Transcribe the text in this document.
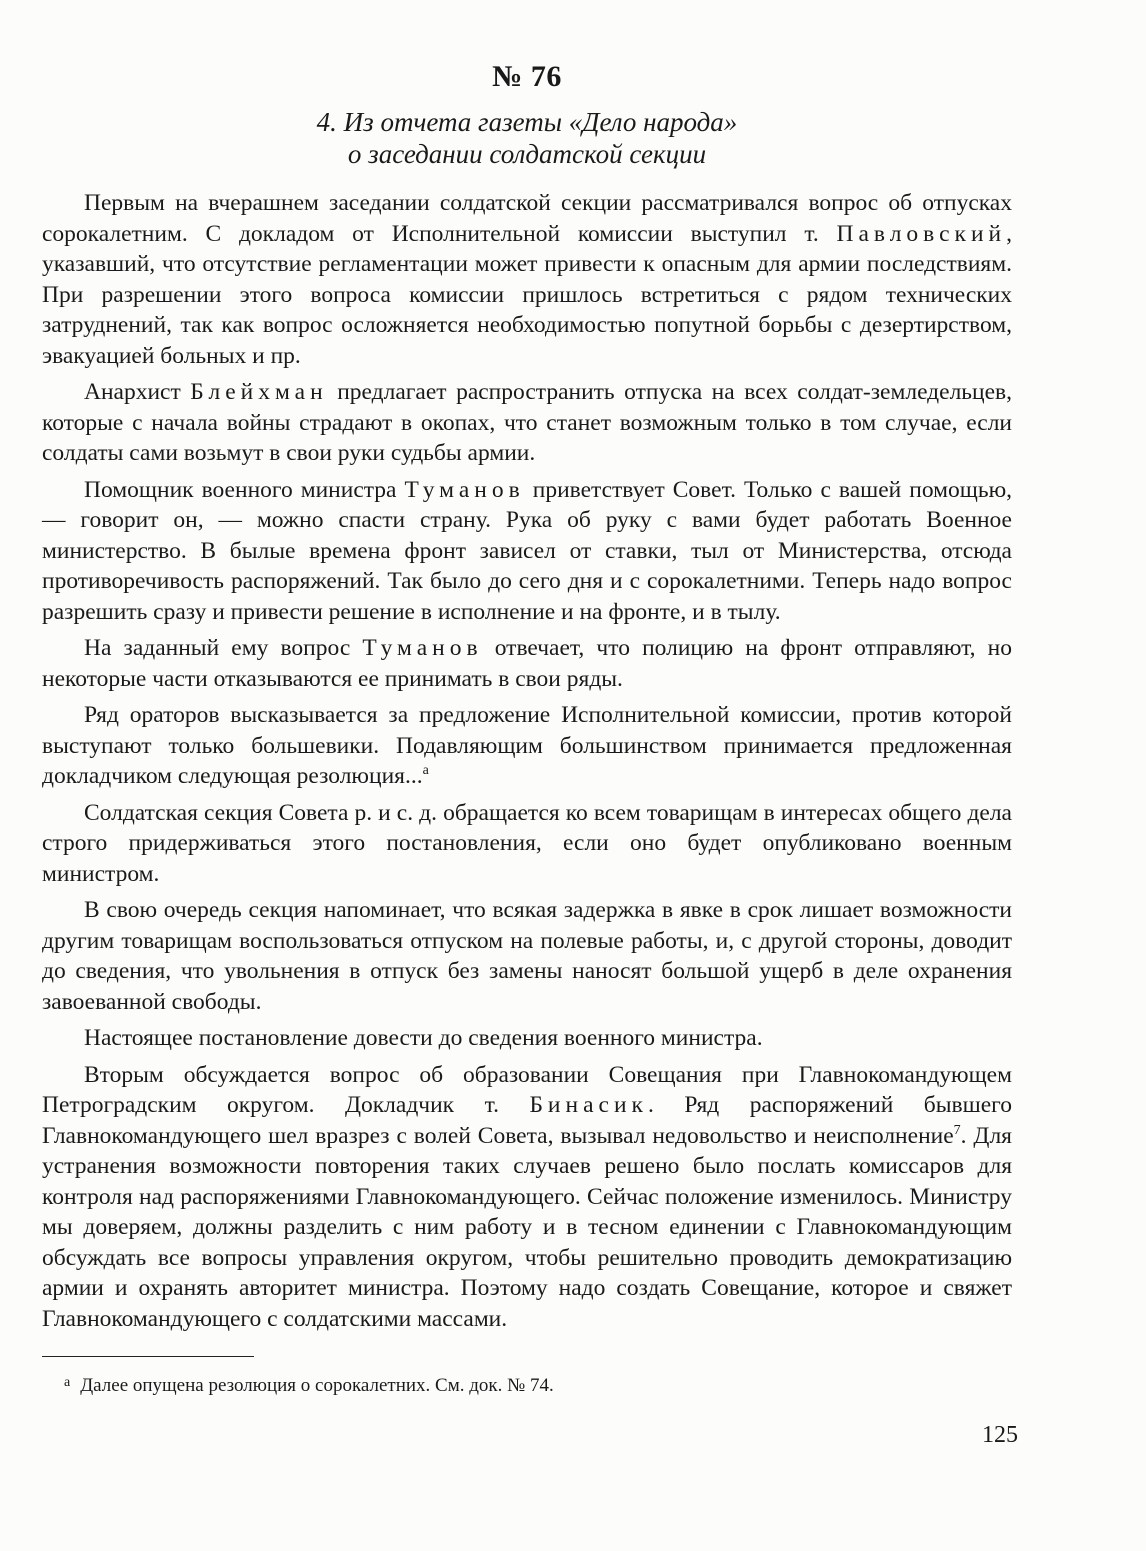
№ 76
4. Из отчета газеты «Дело народа»
о заседании солдатской секции

Первым на вчерашнем заседании солдатской секции рассматривался вопрос об отпусках сорокалетним. С докладом от Исполнительной комиссии выступил т. Павловский, указавший, что отсутствие регламентации может привести к опасным для армии последствиям. При разрешении этого вопроса комиссии пришлось встретиться с рядом технических затруднений, так как вопрос осложняется необходимостью попутной борьбы с дезертирством, эвакуацией больных и пр.

Анархист Блейхман предлагает распространить отпуска на всех солдат-земледельцев, которые с начала войны страдают в окопах, что станет возможным только в том случае, если солдаты сами возьмут в свои руки судьбы армии.

Помощник военного министра Туманов приветствует Совет. Только с вашей помощью, — говорит он, — можно спасти страну. Рука об руку с вами будет работать Военное министерство. В былые времена фронт зависел от ставки, тыл от Министерства, отсюда противоречивость распоряжений. Так было до сего дня и с сорокалетними. Теперь надо вопрос разрешить сразу и привести решение в исполнение и на фронте, и в тылу.

На заданный ему вопрос Туманов отвечает, что полицию на фронт отправляют, но некоторые части отказываются ее принимать в свои ряды.

Ряд ораторов высказывается за предложение Исполнительной комиссии, против которой выступают только большевики. Подавляющим большинством принимается предложенная докладчиком следующая резолюция...$^а$

Солдатская секция Совета р. и с. д. обращается ко всем товарищам в интересах общего дела строго придерживаться этого постановления, если оно будет опубликовано военным министром.

В свою очередь секция напоминает, что всякая задержка в явке в срок лишает возможности другим товарищам воспользоваться отпуском на полевые работы, и, с другой стороны, доводит до сведения, что увольнения в отпуск без замены наносят большой ущерб в деле охранения завоеванной свободы.

Настоящее постановление довести до сведения военного министра.

Вторым обсуждается вопрос об образовании Совещания при Главнокомандующем Петроградским округом. Докладчик т. Бинасик. Ряд распоряжений бывшего Главнокомандующего шел вразрез с волей Совета, вызывал недовольство и неисполнение$^7$. Для устранения возможности повторения таких случаев решено было послать комиссаров для контроля над распоряжениями Главнокомандующего. Сейчас положение изменилось. Министру мы доверяем, должны разделить с ним работу и в тесном единении с Главнокомандующим обсуждать все вопросы управления округом, чтобы решительно проводить демократизацию армии и охранять авторитет министра. Поэтому надо создать Совещание, которое и свяжет Главнокомандующего с солдатскими массами.

$^а$ Далее опущена резолюция о сорокалетних. См. док. № 74.
125
